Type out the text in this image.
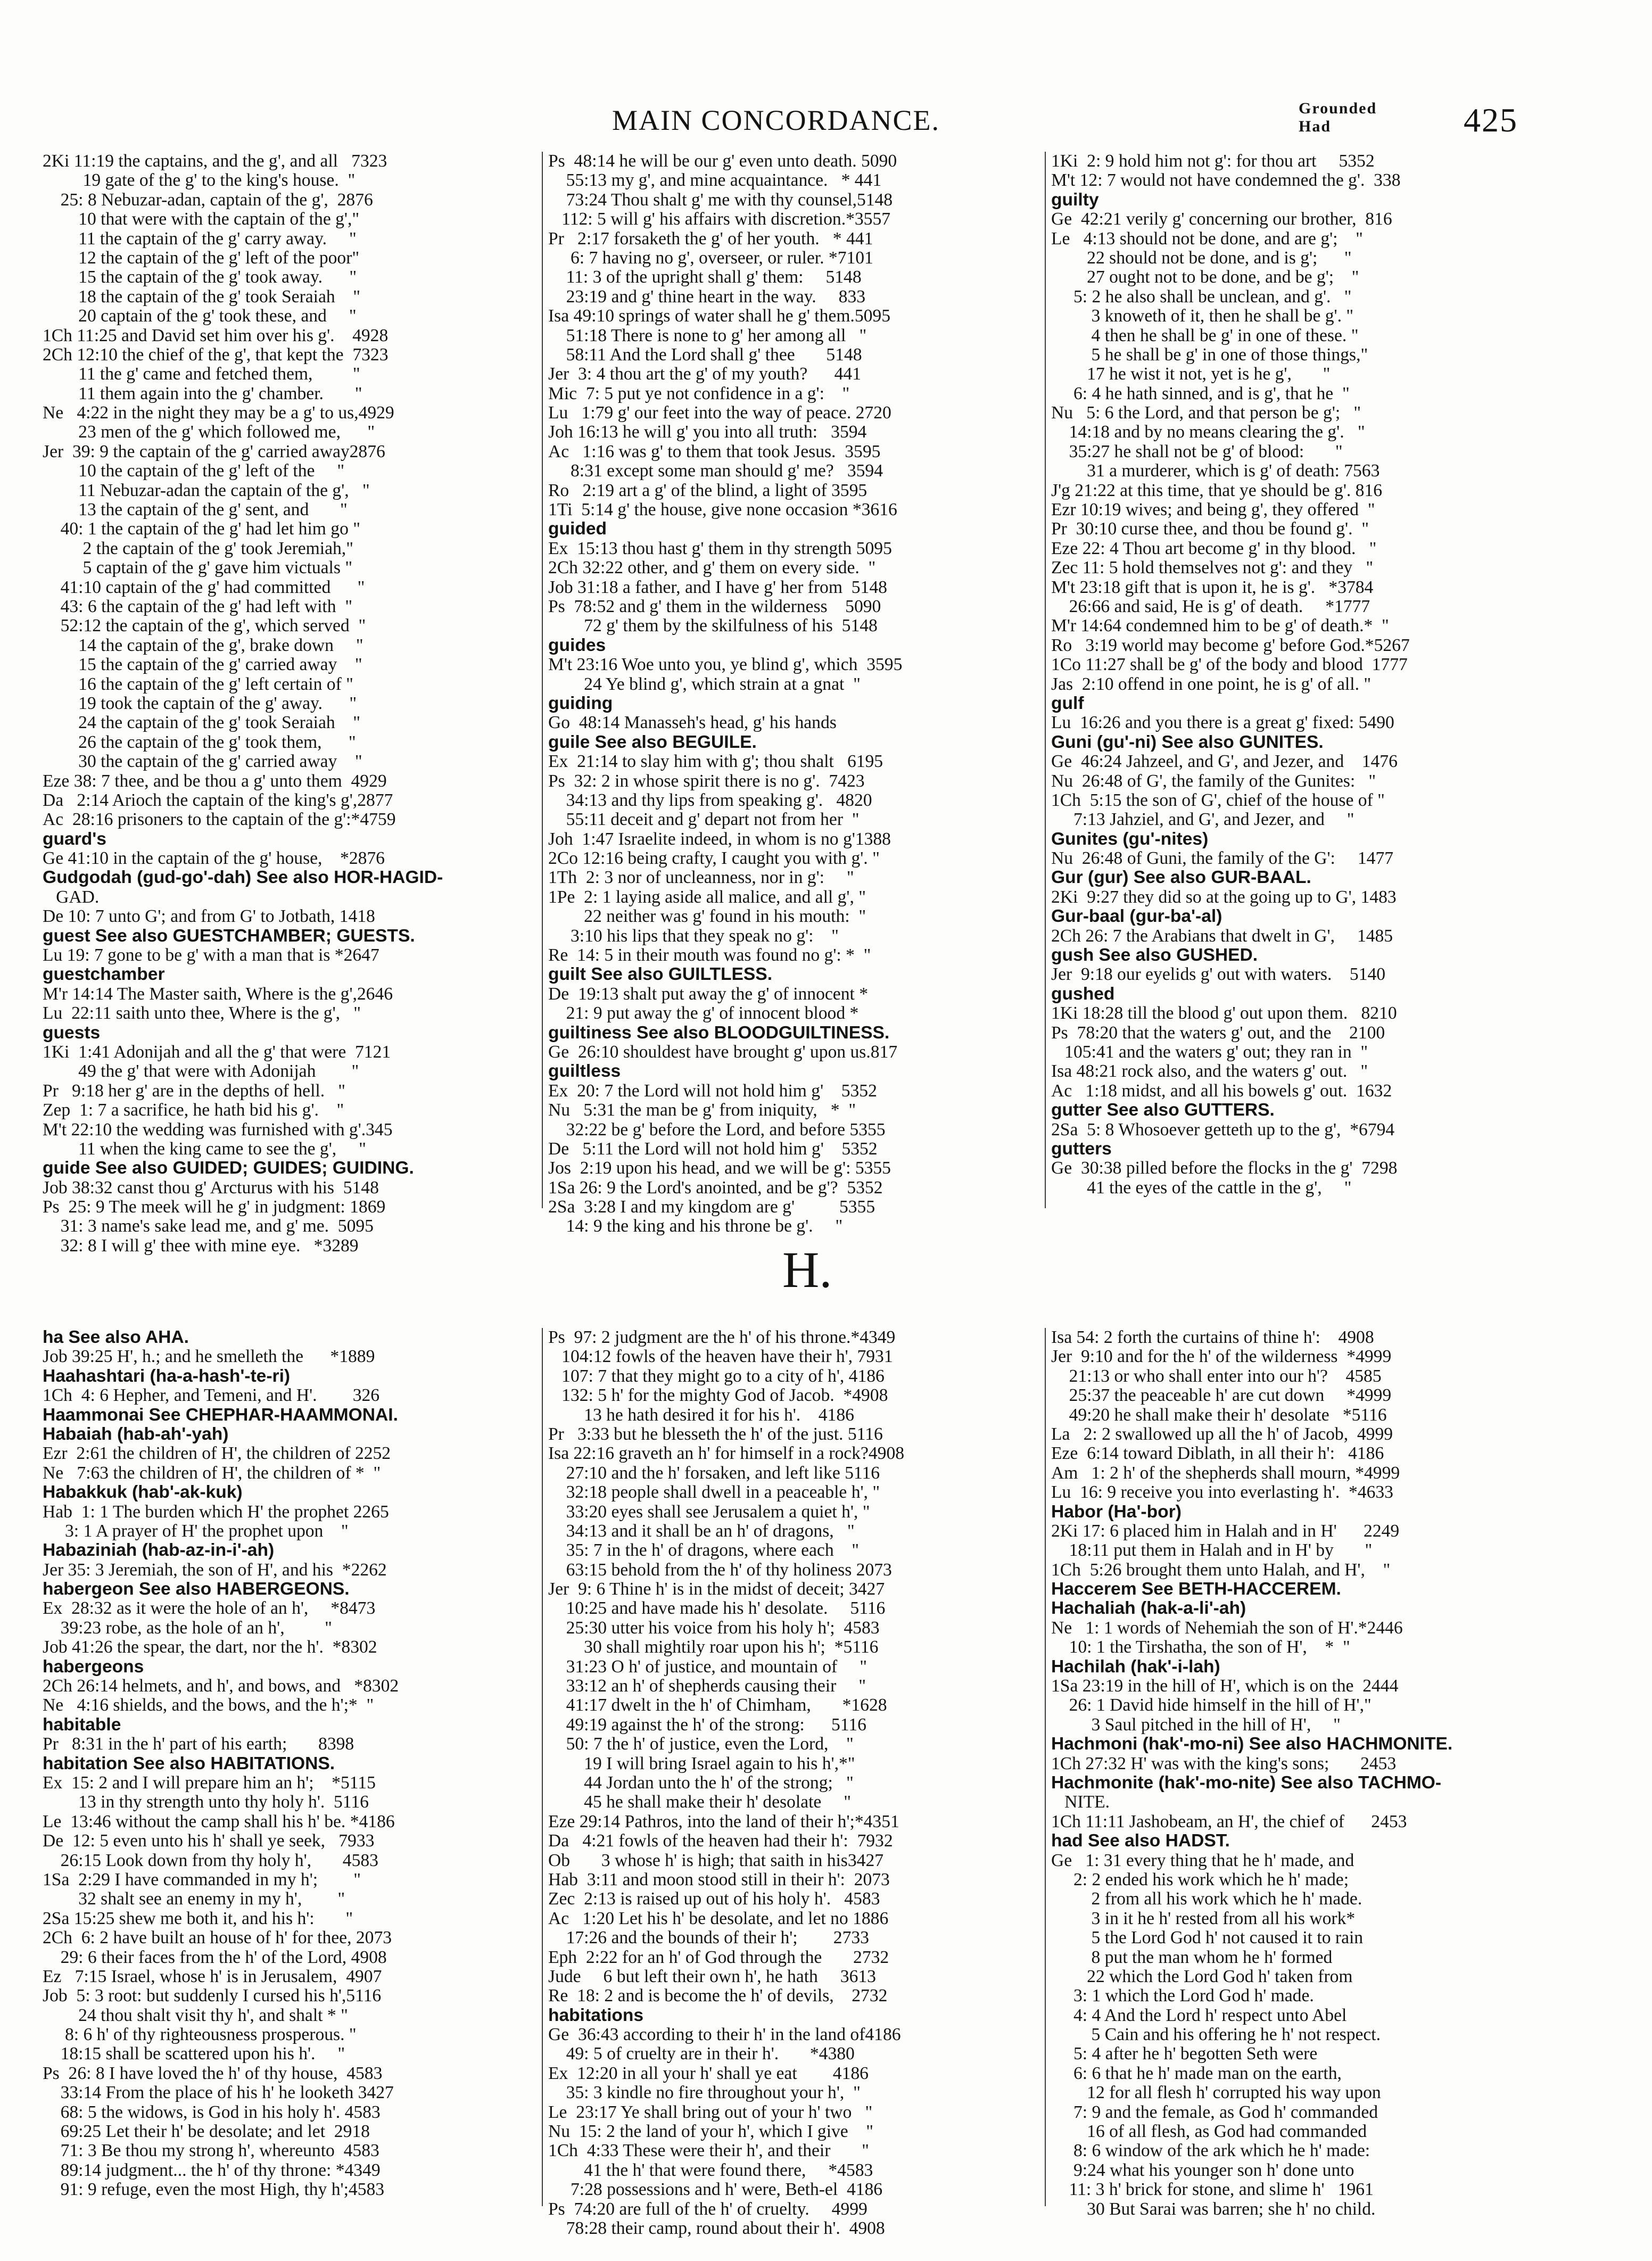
MAIN CONCORDANCE.	Grounded
Had	425
2Ki 11:19 the captains, and the g', and all   7323
19 gate of the g' to the king's house.  "
25: 8 Nebuzar-adan, captain of the g',  2876
10 that were with the captain of the g',"
11 the captain of the g' carry away.     "
12 the captain of the g' left of the poor"
15 the captain of the g' took away.      "
18 the captain of the g' took Seraiah    "
20 captain of the g' took these, and     "
1Ch 11:25 and David set him over his g'.    4928
2Ch 12:10 the chief of the g', that kept the  7323
11 the g' came and fetched them,         "
11 them again into the g' chamber.       "
Ne   4:22 in the night they may be a g' to us,4929
23 men of the g' which followed me,      "
Jer  39: 9 the captain of the g' carried away2876
10 the captain of the g' left of the     "
11 Nebuzar-adan the captain of the g',   "
13 the captain of the g' sent, and       "
40: 1 the captain of the g' had let him go "
2 the captain of the g' took Jeremiah,"
5 captain of the g' gave him victuals "
41:10 captain of the g' had committed      "
43: 6 the captain of the g' had left with  "
52:12 the captain of the g', which served  "
14 the captain of the g', brake down     "
15 the captain of the g' carried away    "
16 the captain of the g' left certain of "
19 took the captain of the g' away.      "
24 the captain of the g' took Seraiah    "
26 the captain of the g' took them,      "
30 the captain of the g' carried away    "
Eze 38: 7 thee, and be thou a g' unto them  4929
Da   2:14 Arioch the captain of the king's g',2877
Ac  28:16 prisoners to the captain of the g':*4759
guard's
Ge 41:10 in the captain of the g' house,    *2876
Gudgodah (gud-go'-dah) See also HOR-HAGID-
GAD.
De 10: 7 unto G'; and from G' to Jotbath, 1418
guest See also GUESTCHAMBER; GUESTS.
Lu 19: 7 gone to be g' with a man that is *2647
guestchamber
M'r 14:14 The Master saith, Where is the g',2646
Lu  22:11 saith unto thee, Where is the g',   "
guests
1Ki  1:41 Adonijah and all the g' that were  7121
49 the g' that were with Adonijah        "
Pr   9:18 her g' are in the depths of hell.   "
Zep  1: 7 a sacrifice, he hath bid his g'.    "
M't 22:10 the wedding was furnished with g'.345
11 when the king came to see the g',     "
guide See also GUIDED; GUIDES; GUIDING.
Job 38:32 canst thou g' Arcturus with his  5148
Ps  25: 9 The meek will he g' in judgment: 1869
31: 3 name's sake lead me, and g' me.  5095
32: 8 I will g' thee with mine eye.   *3289
Ps  48:14 he will be our g' even unto death. 5090
55:13 my g', and mine acquaintance.   * 441
73:24 Thou shalt g' me with thy counsel,5148
112: 5 will g' his affairs with discretion.*3557
Pr   2:17 forsaketh the g' of her youth.   * 441
6: 7 having no g', overseer, or ruler. *7101
11: 3 of the upright shall g' them:     5148
23:19 and g' thine heart in the way.     833
Isa 49:10 springs of water shall he g' them.5095
51:18 There is none to g' her among all   "
58:11 And the Lord shall g' thee       5148
Jer  3: 4 thou art the g' of my youth?      441
Mic  7: 5 put ye not confidence in a g':    "
Lu   1:79 g' our feet into the way of peace. 2720
Joh 16:13 he will g' you into all truth:   3594
Ac   1:16 was g' to them that took Jesus.  3595
8:31 except some man should g' me?   3594
Ro   2:19 art a g' of the blind, a light of 3595
1Ti  5:14 g' the house, give none occasion *3616
guided
Ex  15:13 thou hast g' them in thy strength 5095
2Ch 32:22 other, and g' them on every side.  "
Job 31:18 a father, and I have g' her from  5148
Ps  78:52 and g' them in the wilderness    5090
72 g' them by the skilfulness of his  5148
guides
M't 23:16 Woe unto you, ye blind g', which  3595
24 Ye blind g', which strain at a gnat  "
guiding
Go  48:14 Manasseh's head, g' his hands
guile See also BEGUILE.
Ex  21:14 to slay him with g'; thou shalt   6195
Ps  32: 2 in whose spirit there is no g'.  7423
34:13 and thy lips from speaking g'.   4820
55:11 deceit and g' depart not from her  "
Joh  1:47 Israelite indeed, in whom is no g'1388
2Co 12:16 being crafty, I caught you with g'. "
1Th  2: 3 nor of uncleanness, nor in g':     "
1Pe  2: 1 laying aside all malice, and all g', "
22 neither was g' found in his mouth:  "
3:10 his lips that they speak no g':    "
Re  14: 5 in their mouth was found no g': *  "
guilt See also GUILTLESS.
De  19:13 shalt put away the g' of innocent *
21: 9 put away the g' of innocent blood *
guiltiness See also BLOODGUILTINESS.
Ge  26:10 shouldest have brought g' upon us.817
guiltless
Ex  20: 7 the Lord will not hold him g'    5352
Nu   5:31 the man be g' from iniquity,   *  "
32:22 be g' before the Lord, and before 5355
De   5:11 the Lord will not hold him g'    5352
Jos  2:19 upon his head, and we will be g': 5355
1Sa 26: 9 the Lord's anointed, and be g'?  5352
2Sa  3:28 I and my kingdom are g'          5355
14: 9 the king and his throne be g'.     "
1Ki  2: 9 hold him not g': for thou art     5352
M't 12: 7 would not have condemned the g'.  338
guilty
Ge  42:21 verily g' concerning our brother,  816
Le   4:13 should not be done, and are g';    "
22 should not be done, and is g';      "
27 ought not to be done, and be g';    "
5: 2 he also shall be unclean, and g'.   "
3 knoweth of it, then he shall be g'. "
4 then he shall be g' in one of these. "
5 he shall be g' in one of those things,"
17 he wist it not, yet is he g',       "
6: 4 he hath sinned, and is g', that he  "
Nu   5: 6 the Lord, and that person be g';   "
14:18 and by no means clearing the g'.   "
35:27 he shall not be g' of blood:       "
31 a murderer, which is g' of death: 7563
J'g 21:22 at this time, that ye should be g'. 816
Ezr 10:19 wives; and being g', they offered  "
Pr  30:10 curse thee, and thou be found g'.  "
Eze 22: 4 Thou art become g' in thy blood.   "
Zec 11: 5 hold themselves not g': and they   "
M't 23:18 gift that is upon it, he is g'.   *3784
26:66 and said, He is g' of death.     *1777
M'r 14:64 condemned him to be g' of death.*  "
Ro   3:19 world may become g' before God.*5267
1Co 11:27 shall be g' of the body and blood  1777
Jas  2:10 offend in one point, he is g' of all. "
gulf
Lu  16:26 and you there is a great g' fixed: 5490
Guni (gu'-ni) See also GUNITES.
Ge  46:24 Jahzeel, and G', and Jezer, and    1476
Nu  26:48 of G', the family of the Gunites:   "
1Ch  5:15 the son of G', chief of the house of "
7:13 Jahziel, and G', and Jezer, and     "
Gunites (gu'-nites)
Nu  26:48 of Guni, the family of the G':     1477
Gur (gur) See also GUR-BAAL.
2Ki  9:27 they did so at the going up to G', 1483
Gur-baal (gur-ba'-al)
2Ch 26: 7 the Arabians that dwelt in G',     1485
gush See also GUSHED.
Jer  9:18 our eyelids g' out with waters.    5140
gushed
1Ki 18:28 till the blood g' out upon them.   8210
Ps  78:20 that the waters g' out, and the    2100
105:41 and the waters g' out; they ran in  "
Isa 48:21 rock also, and the waters g' out.   "
Ac   1:18 midst, and all his bowels g' out.  1632
gutter See also GUTTERS.
2Sa  5: 8 Whosoever getteth up to the g',  *6794
gutters
Ge  30:38 pilled before the flocks in the g'  7298
41 the eyes of the cattle in the g',     "
H.
ha See also AHA.
Job 39:25 H', h.; and he smelleth the      *1889
Haahashtari (ha-a-hash'-te-ri)
1Ch  4: 6 Hepher, and Temeni, and H'.        326
Haammonai See CHEPHAR-HAAMMONAI.
Habaiah (hab-ah'-yah)
Ezr  2:61 the children of H', the children of 2252
Ne   7:63 the children of H', the children of *  "
Habakkuk (hab'-ak-kuk)
Hab  1: 1 The burden which H' the prophet 2265
3: 1 A prayer of H' the prophet upon    "
Habaziniah (hab-az-in-i'-ah)
Jer 35: 3 Jeremiah, the son of H', and his  *2262
habergeon See also HABERGEONS.
Ex  28:32 as it were the hole of an h',     *8473
39:23 robe, as the hole of an h',         "
Job 41:26 the spear, the dart, nor the h'.  *8302
habergeons
2Ch 26:14 helmets, and h', and bows, and   *8302
Ne   4:16 shields, and the bows, and the h';*  "
habitable
Pr   8:31 in the h' part of his earth;       8398
habitation See also HABITATIONS.
Ex  15: 2 and I will prepare him an h';    *5115
13 in thy strength unto thy holy h'.  5116
Le  13:46 without the camp shall his h' be. *4186
De  12: 5 even unto his h' shall ye seek,   7933
26:15 Look down from thy holy h',       4583
1Sa  2:29 I have commanded in my h';        "
32 shalt see an enemy in my h',        "
2Sa 15:25 shew me both it, and his h':       "
2Ch  6: 2 have built an house of h' for thee, 2073
29: 6 their faces from the h' of the Lord, 4908
Ez   7:15 Israel, whose h' is in Jerusalem,  4907
Job  5: 3 root: but suddenly I cursed his h',5116
24 thou shalt visit thy h', and shalt * "
8: 6 h' of thy righteousness prosperous. "
18:15 shall be scattered upon his h'.     "
Ps  26: 8 I have loved the h' of thy house,  4583
33:14 From the place of his h' he looketh 3427
68: 5 the widows, is God in his holy h'. 4583
69:25 Let their h' be desolate; and let  2918
71: 3 Be thou my strong h', whereunto  4583
89:14 judgment... the h' of thy throne: *4349
91: 9 refuge, even the most High, thy h';4583
Ps  97: 2 judgment are the h' of his throne.*4349
104:12 fowls of the heaven have their h', 7931
107: 7 that they might go to a city of h', 4186
132: 5 h' for the mighty God of Jacob.  *4908
13 he hath desired it for his h'.    4186
Pr   3:33 but he blesseth the h' of the just. 5116
Isa 22:16 graveth an h' for himself in a rock?4908
27:10 and the h' forsaken, and left like 5116
32:18 people shall dwell in a peaceable h', "
33:20 eyes shall see Jerusalem a quiet h', "
34:13 and it shall be an h' of dragons,   "
35: 7 in the h' of dragons, where each    "
63:15 behold from the h' of thy holiness 2073
Jer  9: 6 Thine h' is in the midst of deceit; 3427
10:25 and have made his h' desolate.     5116
25:30 utter his voice from his holy h';  4583
30 shall mightily roar upon his h';  *5116
31:23 O h' of justice, and mountain of     "
33:12 an h' of shepherds causing their     "
41:17 dwelt in the h' of Chimham,       *1628
49:19 against the h' of the strong:      5116
50: 7 the h' of justice, even the Lord,    "
19 I will bring Israel again to his h',*"
44 Jordan unto the h' of the strong;   "
45 he shall make their h' desolate     "
Eze 29:14 Pathros, into the land of their h';*4351
Da   4:21 fowls of the heaven had their h':  7932
Ob       3 whose h' is high; that saith in his3427
Hab  3:11 and moon stood still in their h':  2073
Zec  2:13 is raised up out of his holy h'.   4583
Ac   1:20 Let his h' be desolate, and let no 1886
17:26 and the bounds of their h';        2733
Eph  2:22 for an h' of God through the       2732
Jude     6 but left their own h', he hath     3613
Re  18: 2 and is become the h' of devils,    2732
habitations
Ge  36:43 according to their h' in the land of4186
49: 5 of cruelty are in their h'.       *4380
Ex  12:20 in all your h' shall ye eat        4186
35: 3 kindle no fire throughout your h',  "
Le  23:17 Ye shall bring out of your h' two   "
Nu  15: 2 the land of your h', which I give    "
1Ch  4:33 These were their h', and their       "
41 the h' that were found there,     *4583
7:28 possessions and h' were, Beth-el  4186
Ps  74:20 are full of the h' of cruelty.     4999
78:28 their camp, round about their h'.  4908
Isa 54: 2 forth the curtains of thine h':    4908
Jer  9:10 and for the h' of the wilderness  *4999
21:13 or who shall enter into our h'?    4585
25:37 the peaceable h' are cut down     *4999
49:20 he shall make their h' desolate   *5116
La   2: 2 swallowed up all the h' of Jacob,  4999
Eze  6:14 toward Diblath, in all their h':   4186
Am   1: 2 h' of the shepherds shall mourn, *4999
Lu  16: 9 receive you into everlasting h'.  *4633
Habor (Ha'-bor)
2Ki 17: 6 placed him in Halah and in H'      2249
18:11 put them in Halah and in H' by       "
1Ch  5:26 brought them unto Halah, and H',    "
Haccerem See BETH-HACCEREM.
Hachaliah (hak-a-li'-ah)
Ne   1: 1 words of Nehemiah the son of H'.*2446
10: 1 the Tirshatha, the son of H',    *  "
Hachilah (hak'-i-lah)
1Sa 23:19 in the hill of H', which is on the  2444
26: 1 David hide himself in the hill of H',"
3 Saul pitched in the hill of H',     "
Hachmoni (hak'-mo-ni) See also HACHMONITE.
1Ch 27:32 H' was with the king's sons;       2453
Hachmonite (hak'-mo-nite) See also TACHMO-
NITE.
1Ch 11:11 Jashobeam, an H', the chief of      2453
had See also HADST.
Ge   1: 31 every thing that he h' made, and
2: 2 ended his work which he h' made;
2 from all his work which he h' made.
3 in it he h' rested from all his work*
5 the Lord God h' not caused it to rain
8 put the man whom he h' formed
22 which the Lord God h' taken from
3: 1 which the Lord God h' made.
4: 4 And the Lord h' respect unto Abel
5 Cain and his offering he h' not respect.
5: 4 after he h' begotten Seth were
6: 6 that he h' made man on the earth,
12 for all flesh h' corrupted his way upon
7: 9 and the female, as God h' commanded
16 of all flesh, as God had commanded
8: 6 window of the ark which he h' made:
9:24 what his younger son h' done unto
11: 3 h' brick for stone, and slime h'   1961
30 But Sarai was barren; she h' no child.
